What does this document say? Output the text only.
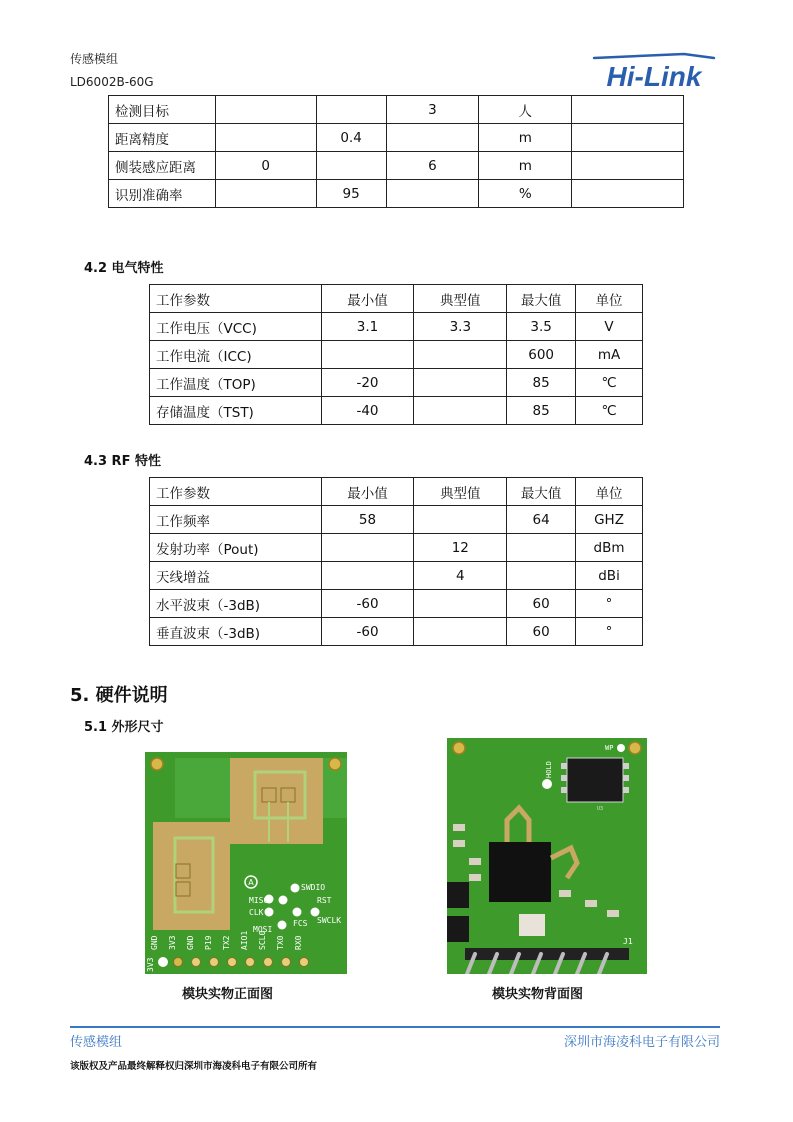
传感模组
LD6002B-60G	Hi-Link
检测目标			3	人	
距离精度		0.4		m	
侧装感应距离	0		6	m	
识别准确率		95		%	
4.2 电气特性
工作参数	最小值	典型值	最大值	单位
工作电压（VCC)	3.1	3.3	3.5	V
工作电流（ICC)			600	mA
工作温度（TOP)	-20		85	℃
存储温度（TST)	-40		85	℃
4.3 RF 特性
工作参数	最小值	典型值	最大值	单位
工作频率	58		64	GHZ
发射功率（Pout)		12		dBm
天线增益		4		dBi
水平波束（-3dB)	-60		60	°
垂直波束（-3dB)	-60		60	°
5. 硬件说明
5.1 外形尺寸
A
SWDIO
RST
SWCLK
MISO
CLK
FCS
MOSI
GND 3V3 GND P19 TX2 AIO1 SCL0 TX0 RX0
3V3
模块实物正面图
WP
HOLD
U3
J1
模块实物背面图
传感模组	深圳市海凌科电子有限公司
该版权及产品最终解释权归深圳市海凌科电子有限公司所有
